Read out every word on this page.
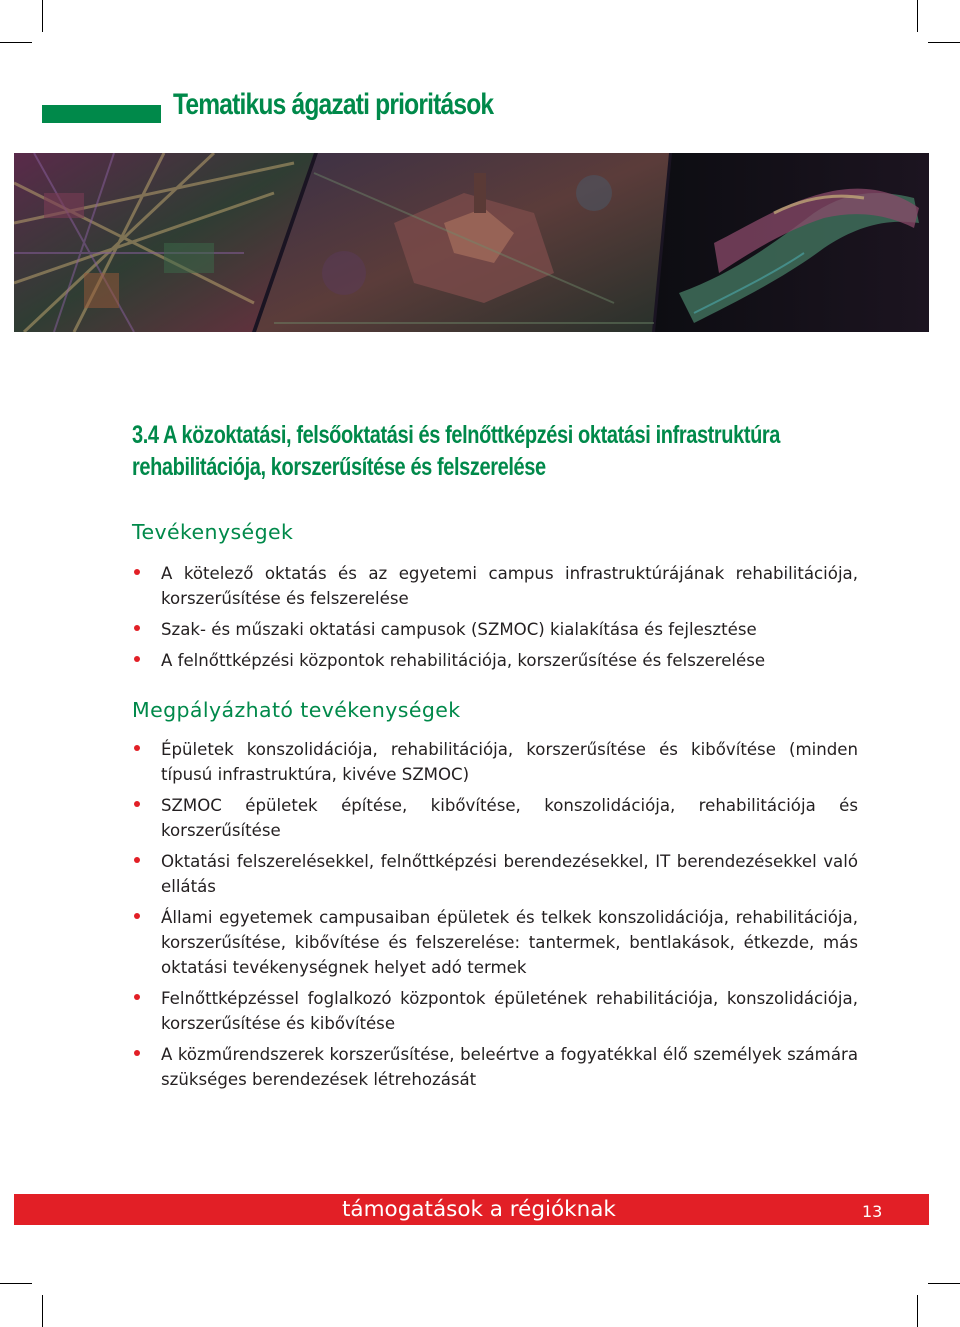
Tematikus ágazati prioritások
3.4 A közoktatási, felsőoktatási és felnőttképzési oktatási infrastruktúra
rehabilitációja, korszerűsítése és felszerelése
Tevékenységek
A kötelező oktatás és az egyetemi campus infrastruktúrájának rehabilitációja, korszerűsítése és felszerelése
Szak- és műszaki oktatási campusok (SZMOC) kialakítása és fejlesztése
A felnőttképzési központok rehabilitációja, korszerűsítése és felszerelése
Megpályázható tevékenységek
Épületek konszolidációja, rehabilitációja, korszerűsítése és kibővítése (minden típusú infrastruktúra, kivéve SZMOC)
SZMOC épületek építése, kibővítése, konszolidációja, rehabilitációja és korszerűsítése
Oktatási felszerelésekkel, felnőttképzési berendezésekkel, IT berendezésekkel való ellátás
Állami egyetemek campusaiban épületek és telkek konszolidációja, rehabilitációja, korszerűsítése, kibővítése és felszerelése: tantermek, bentlakások, étkezde, más oktatási tevékenységnek helyet adó termek
Felnőttképzéssel foglalkozó központok épületének rehabilitációja, konszolidációja, korszerűsítése és kibővítése
A közműrendszerek korszerűsítése, beleértve a fogyatékkal élő személyek számára szükséges berendezések létrehozását
támogatások a régióknak	13
